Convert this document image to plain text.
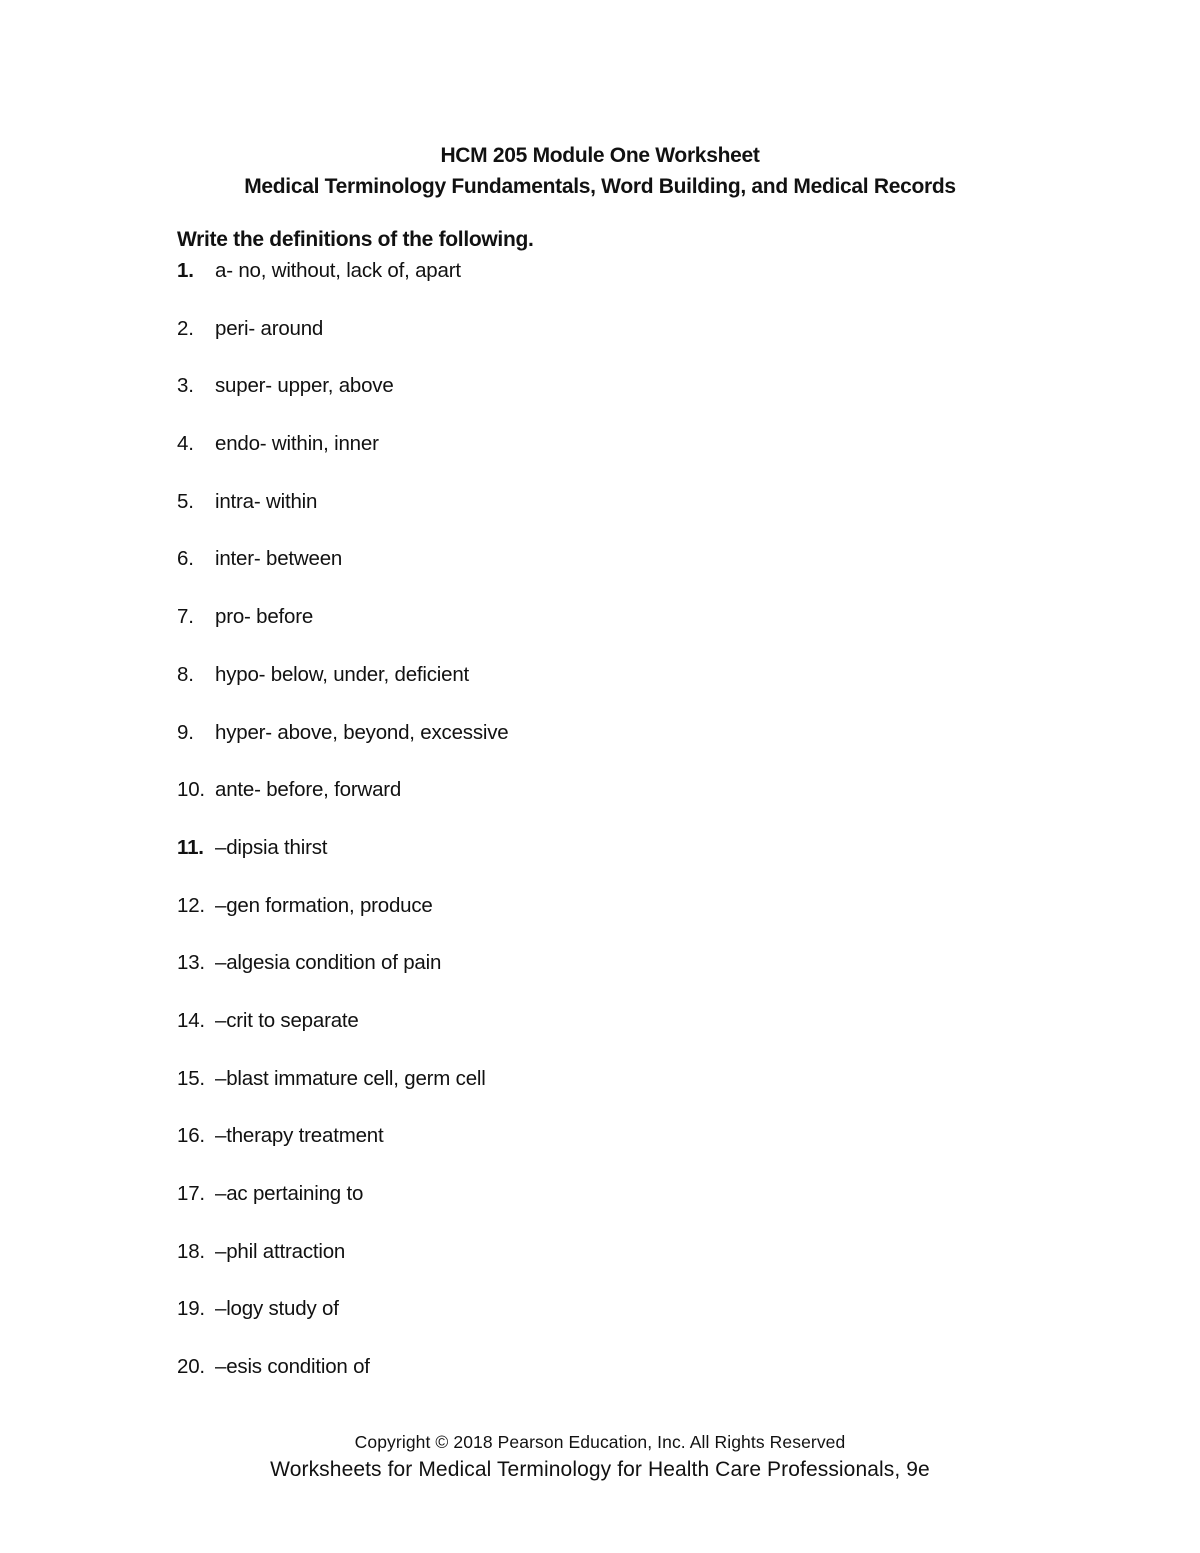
HCM 205 Module One Worksheet
Medical Terminology Fundamentals, Word Building, and Medical Records
Write the definitions of the following.
1.	a- no, without, lack of, apart
2.	peri- around
3.	super- upper, above
4.	endo- within, inner
5.	intra- within
6.	inter- between
7.	pro- before
8.	hypo- below, under, deficient
9.	hyper- above, beyond, excessive
10. ante- before, forward
11. –dipsia thirst
12. –gen formation, produce
13. –algesia condition of pain
14. –crit to separate
15. –blast immature cell, germ cell
16. –therapy treatment
17. –ac pertaining to
18. –phil attraction
19. –logy study of
20. –esis condition of
Copyright © 2018 Pearson Education, Inc. All Rights Reserved
Worksheets for Medical Terminology for Health Care Professionals, 9e
